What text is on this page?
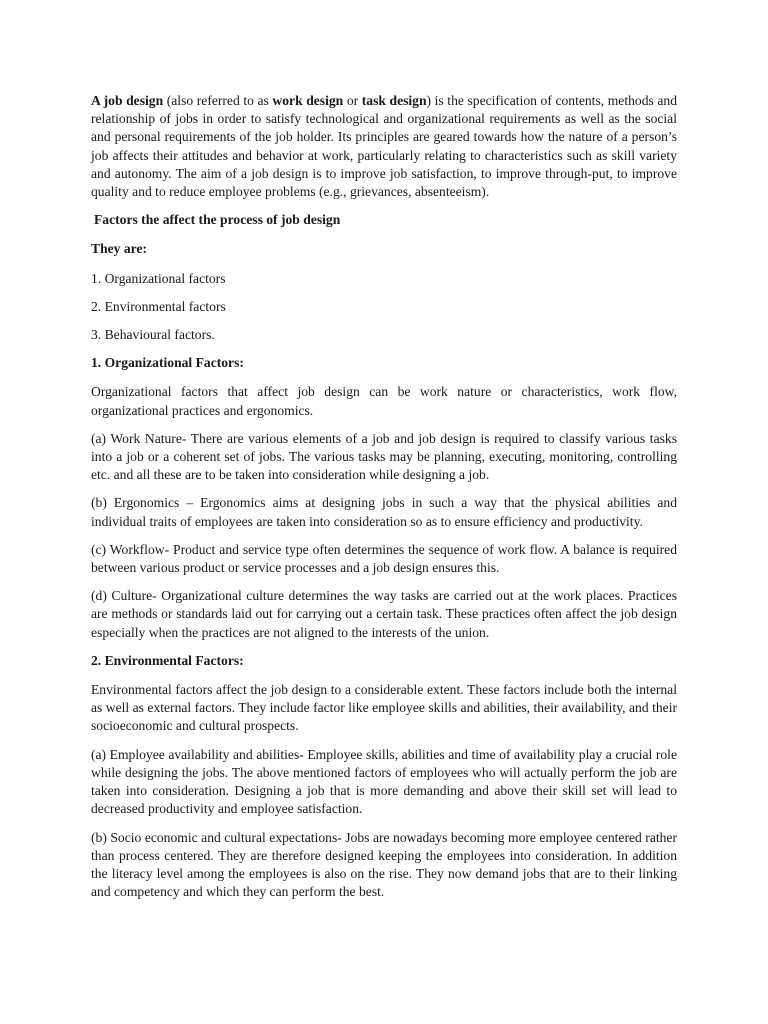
A job design (also referred to as work design or task design) is the specification of contents, methods and relationship of jobs in order to satisfy technological and organizational requirements as well as the social and personal requirements of the job holder. Its principles are geared towards how the nature of a person’s job affects their attitudes and behavior at work, particularly relating to characteristics such as skill variety and autonomy. The aim of a job design is to improve job satisfaction, to improve through-put, to improve quality and to reduce employee problems (e.g., grievances, absenteeism).

Factors the affect the process of job design

They are:

1. Organizational factors

2. Environmental factors

3. Behavioural factors.

1. Organizational Factors:

Organizational factors that affect job design can be work nature or characteristics, work flow, organizational practices and ergonomics.

(a) Work Nature- There are various elements of a job and job design is required to classify various tasks into a job or a coherent set of jobs. The various tasks may be planning, executing, monitoring, controlling etc. and all these are to be taken into consideration while designing a job.

(b) Ergonomics – Ergonomics aims at designing jobs in such a way that the physical abilities and individual traits of employees are taken into consideration so as to ensure efficiency and productivity.

(c) Workflow- Product and service type often determines the sequence of work flow. A balance is required between various product or service processes and a job design ensures this.

(d) Culture- Organizational culture determines the way tasks are carried out at the work places. Practices are methods or standards laid out for carrying out a certain task. These practices often affect the job design especially when the practices are not aligned to the interests of the union.

2. Environmental Factors:

Environmental factors affect the job design to a considerable extent. These factors include both the internal as well as external factors. They include factor like employee skills and abilities, their availability, and their socioeconomic and cultural prospects.

(a) Employee availability and abilities- Employee skills, abilities and time of availability play a crucial role while designing the jobs. The above mentioned factors of employees who will actually perform the job are taken into consideration. Designing a job that is more demanding and above their skill set will lead to decreased productivity and employee satisfaction.

(b) Socio economic and cultural expectations- Jobs are nowadays becoming more employee centered rather than process centered. They are therefore designed keeping the employees into consideration. In addition the literacy level among the employees is also on the rise. They now demand jobs that are to their linking and competency and which they can perform the best.
